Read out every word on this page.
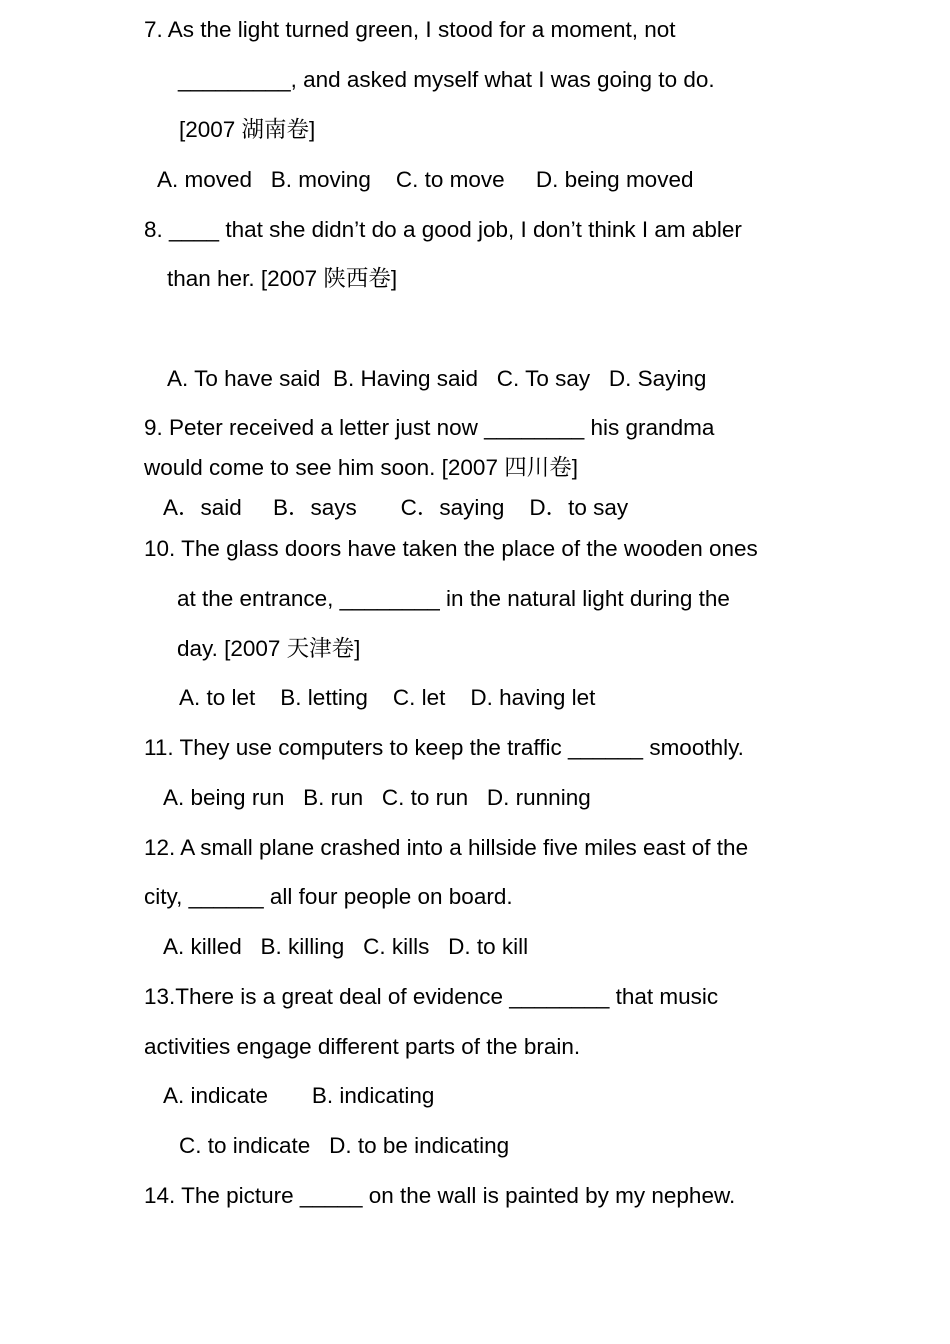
7. As the light turned green, I stood for a moment, not
_________, and asked myself what I was going to do.
[2007 湖南卷]
A. moved   B. moving    C. to move     D. being moved
8. ____ that she didn’t do a good job, I don’t think I am abler
than her. [2007 陕西卷]
A. To have said  B. Having said   C. To say   D. Saying
9. Peter received a letter just now ________ his grandma
would come to see him soon. [2007 四川卷]
A．said     B．says       C．saying    D．to say
10. The glass doors have taken the place of the wooden ones
at the entrance, ________ in the natural light during the
day. [2007 天津卷]
A. to let    B. letting    C. let    D. having let
11. They use computers to keep the traffic ______ smoothly.
A. being run   B. run   C. to run   D. running
12. A small plane crashed into a hillside five miles east of the
city, ______ all four people on board.
A. killed   B. killing   C. kills   D. to kill
13.There is a great deal of evidence ________ that music
activities engage different parts of the brain.
A. indicate       B. indicating
C. to indicate   D. to be indicating
14. The picture _____ on the wall is painted by my nephew.
